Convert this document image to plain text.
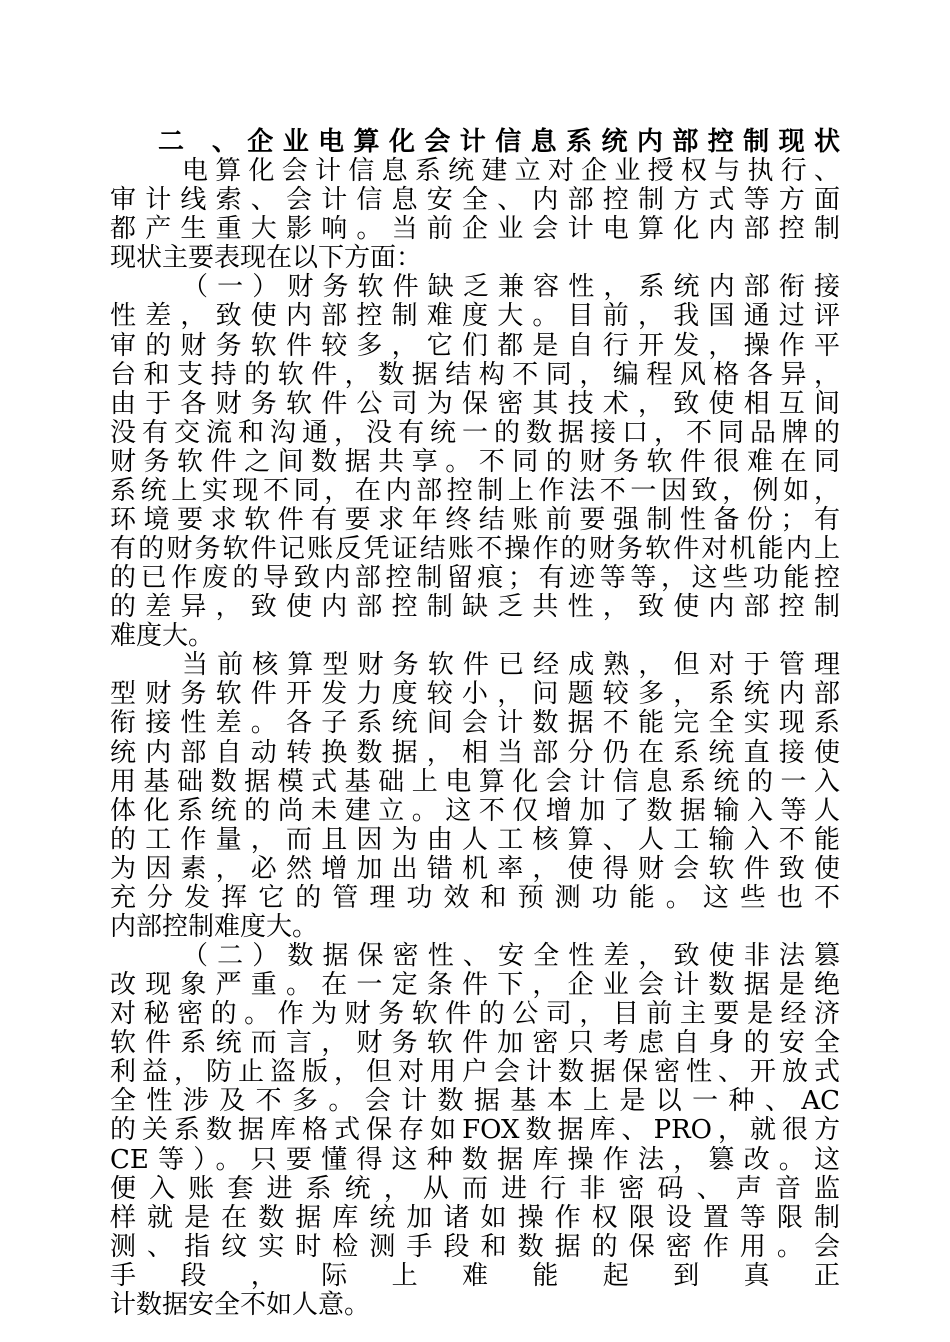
二 、企业电算化会计信息系统内部控制现状

电算化会计信息系统建立对企业授权与执行、

审计线索、会计信息安全、内部控制方式等方面

都产生重大影响。当前企业会计电算化内部控制

现状主要表现在以下方面：

（一）财务软件缺乏兼容性，系统内部衔接

性差，致使内部控制难度大。目前，我国通过评

审的财务软件较多，它们都是自行开发，操作平

台和支持的软件，数据结构不同，编程风格各异，

由于各财务软件公司为保密其技术，致使相互间

没有交流和沟通，没有统一的数据接口，不同品牌的

财务软件之间数据共享。不同的财务软件很难在同

系统上实现不同，在内部控制上作法不一因致，例如，

环境要求软件有要求年终结账前要强制性备份；有

有的财务软件记账反凭证结账不操作的财务软件对机能内上

的已作废的导致内部控制留痕；有迹等等，这些功能控

的差异，致使内部控制缺乏共性，致使内部控制

难度大。

当前核算型财务软件已经成熟，但对于管理

型财务软件开发力度较小，问题较多，系统内部

衔接性差。各子系统间会计数据不能完全实现系

统内部自动转换数据，相当部分仍在系统直接使

用基础数据模式基础上电算化会计信息系统的一入

体化系统的尚未建立。这不仅增加了数据输入等人

的工作量，而且因为由人工核算、人工输入不能

为因素，必然增加出错机率，使得财会软件致使

充分发挥它的管理功效和预测功能。这些也不

内部控制难度大。

（二）数据保密性、安全性差，致使非法篡

改现象严重。在一定条件下，企业会计数据是绝

对秘密的。作为财务软件的公司，目前主要是经济

软件系统而言，财务软件加密只考虑自身的安全

利益，防止盗版，但对用户会计数据保密性、开放式

全性涉及不多。会计数据基本上是以一种、AC

的关系数据库格式保存如FOX数据库、PRO，就很方

CE等）。只要懂得这种数据库操作法，篡改。这

便入账套进系统，从而进行非密码、声音监

样就是在数据库统加诸如操作权限设置等限制

测、指纹实时检测手段和数据的保密作用。会

手段，际上难能起到真正

计数据安全不如人意。
